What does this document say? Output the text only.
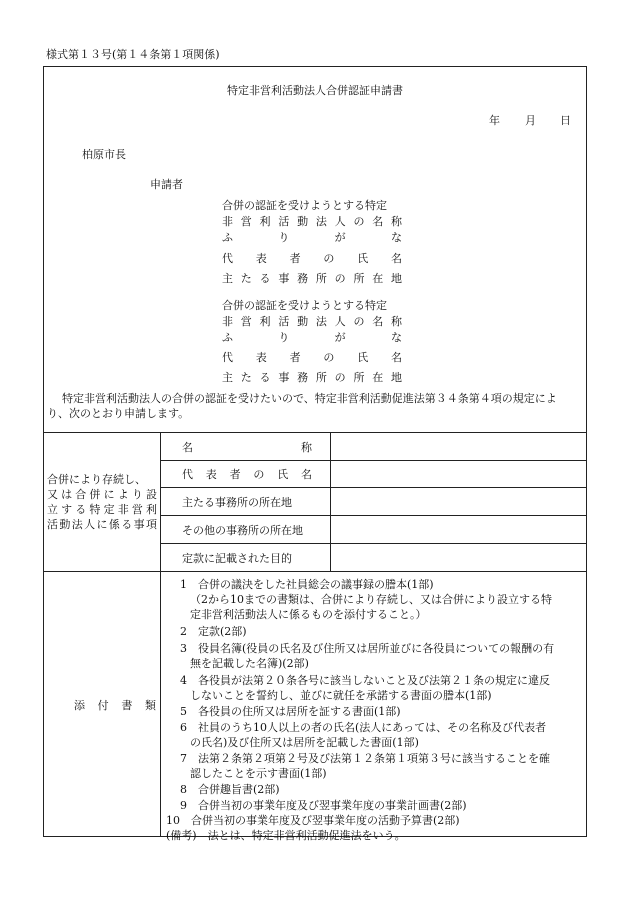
様式第１３号(第１４条第１項関係)
特定非営利活動法人合併認証申請書
年 月 日
柏原市長
申請者
合併の認証を受けようとする特定
非営利活動法人の名称
ふりがな
代表者の氏名
主たる事務所の所在地
合併の認証を受けようとする特定
非営利活動法人の名称
ふりがな
代表者の氏名
主たる事務所の所在地
特定非営利活動法人の合併の認証を受けたいので、特定非営利活動促進法第３４条第４項の規定によ
り、次のとおり申請します。
合併により存続し、
又は合併により設
立する特定非営利
活動法人に係る事項
名称
代表者の氏名
主たる事務所の所在地
その他の事務所の所在地
定款に記載された目的
添付書類
1　合併の議決をした社員総会の議事録の謄本(1部)
（2から10までの書類は、合併により存続し、又は合併により設立する特
定非営利活動法人に係るものを添付すること。）
2　定款(2部)
3　役員名簿(役員の氏名及び住所又は居所並びに各役員についての報酬の有
無を記載した名簿)(2部)
4　各役員が法第２０条各号に該当しないこと及び法第２１条の規定に違反
しないことを誓約し、並びに就任を承諾する書面の謄本(1部)
5　各役員の住所又は居所を証する書面(1部)
6　社員のうち10人以上の者の氏名(法人にあっては、その名称及び代表者
の氏名)及び住所又は居所を記載した書面(1部)
7　法第２条第２項第２号及び法第１２条第１項第３号に該当することを確
認したことを示す書面(1部)
8　合併趣旨書(2部)
9　合併当初の事業年度及び翌事業年度の事業計画書(2部)
10　合併当初の事業年度及び翌事業年度の活動予算書(2部)
(備考)　法とは、特定非営利活動促進法をいう。
